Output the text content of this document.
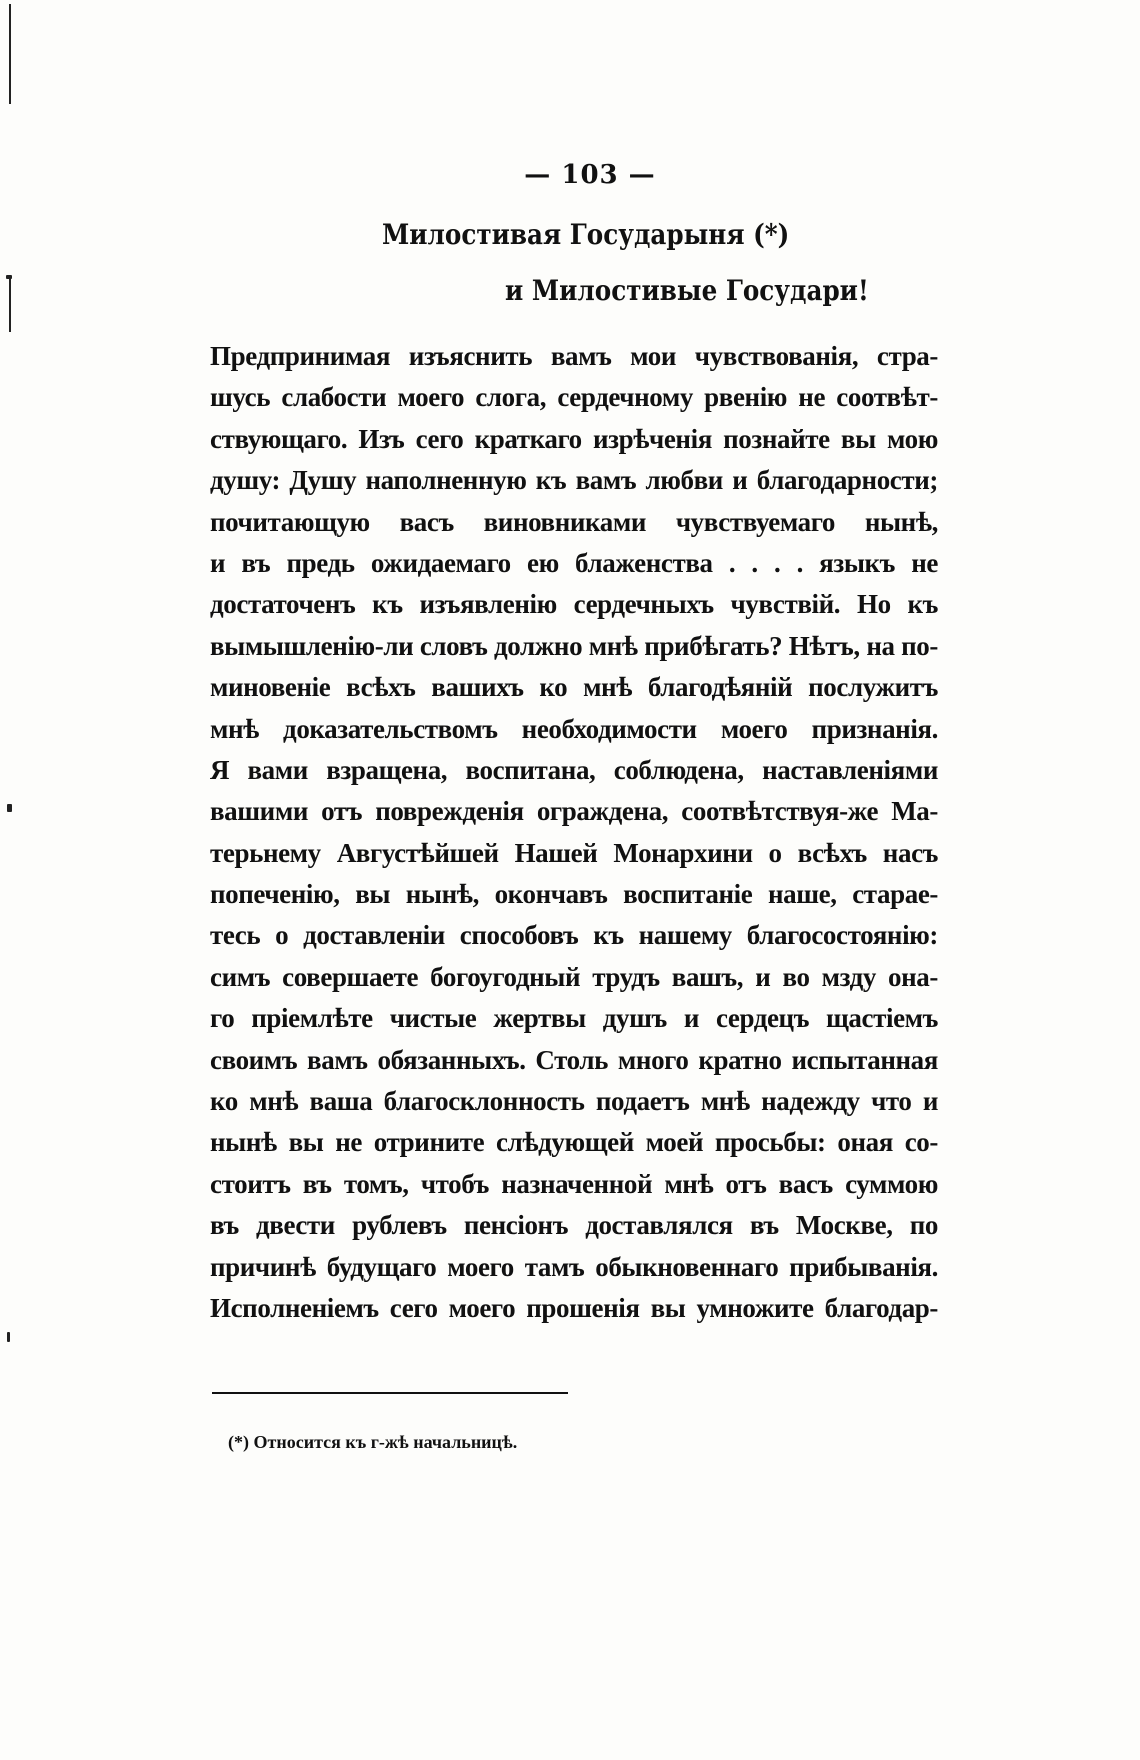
— 103 —
Милостивая Государыня (*)
и Милостивые Государи!
Предпринимая изъяснить вамъ мои чувствованія, стра-
шусь слабости моего слога, сердечному рвенію не соотвѣт-
ствующаго. Изъ сего краткаго изрѣченія познайте вы мою
душу: Душу наполненную къ вамъ любви и благодарности;
почитающую васъ виновниками чувствуемаго нынѣ,
и въ предь ожидаемаго ею блаженства . . . . языкъ не
достаточенъ къ изъявленію сердечныхъ чувствій. Но къ
вымышленію-ли словъ должно мнѣ прибѣгать? Нѣтъ, на по-
миновеніе всѣхъ вашихъ ко мнѣ благодѣяній послужитъ
мнѣ доказательствомъ необходимости моего признанія.
Я вами взращена, воспитана, соблюдена, наставленіями
вашими отъ поврежденія ограждена, соотвѣтствуя-же Ма-
терьнему Августѣйшей Нашей Монархини о всѣхъ насъ
попеченію, вы нынѣ, окончавъ воспитаніе наше, стараe-
тесь о доставленіи способовъ къ нашему благосостоянію:
симъ совершаете богоугодный трудъ вашъ, и во мзду она-
го пріемлѣте чистые жертвы душъ и сердецъ щастіемъ
своимъ вамъ обязанныхъ. Столь много кратно испытанная
ко мнѣ ваша благосклонность подаетъ мнѣ надежду что и
нынѣ вы не отрините слѣдующей моей просьбы: оная со-
стоитъ въ томъ, чтобъ назначенной мнѣ отъ васъ суммою
въ двести рублевъ пенсіонъ доставлялся въ Москве, по
причинѣ будущаго моего тамъ обыкновеннаго прибыванія.
Исполненіемъ сего моего прошенія вы умножите благодар-
(*) Относится къ г-жѣ начальницѣ.
